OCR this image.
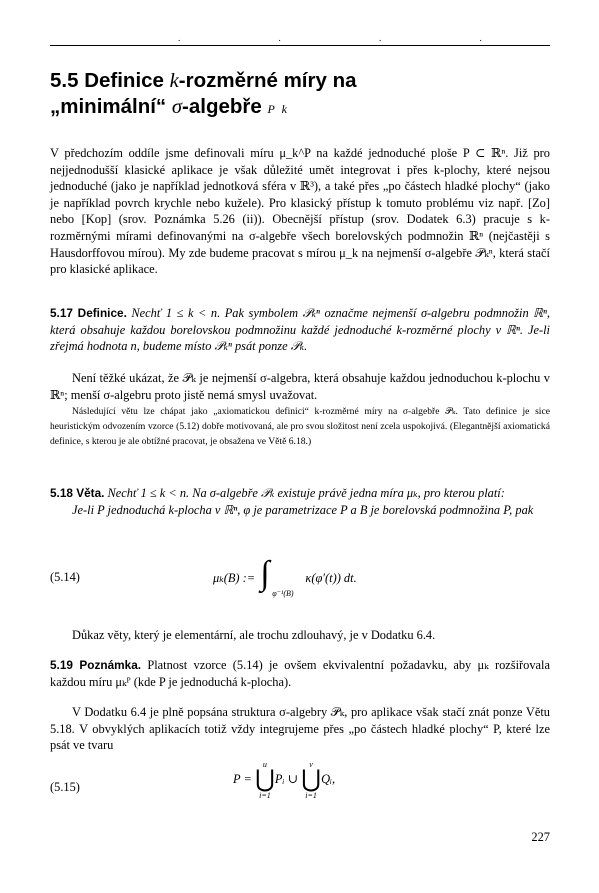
. . . .
5.5 Definice k-rozměrné míry na
„minimální“ σ-algebře P k

V předchozím oddíle jsme definovali míru μ_k^P na každé jednoduché ploše P ⊂ ℝⁿ. Již pro nejjednodušší klasické aplikace je však důležité umět integrovat i přes k-plochy, které nejsou jednoduché (jako je například jednotková sféra v ℝ³), a také přes „po částech hladké plochy“ (jako je například povrch krychle nebo kužele). Pro klasický přístup k tomuto problému viz např. [Zo] nebo [Kop] (srov. Poznámka 5.26 (ii)). Obecnější přístup (srov. Dodatek 6.3) pracuje s k-rozměrnými mírami definovanými na σ-algebře všech borelovských podmnožin ℝⁿ (nejčastěji s Hausdorffovou mírou). My zde budeme pracovat s mírou μ_k na nejmenší σ-algebře 𝒫ₖⁿ, která stačí pro klasické aplikace.

5.17 Definice. Nechť 1 ≤ k < n. Pak symbolem 𝒫ₖⁿ označme nejmenší σ-algebru podmnožin ℝⁿ, která obsahuje každou borelovskou podmnožinu každé jednoduché k-rozměrné plochy v ℝⁿ. Je-li zřejmá hodnota n, budeme místo 𝒫ₖⁿ psát ponze 𝒫ₖ.

Není těžké ukázat, že 𝒫ₖ je nejmenší σ-algebra, která obsahuje každou jednoduchou k-plochu v ℝⁿ; menší σ-algebru proto jistě nemá smysl uvažovat.

Následující větu lze chápat jako „axiomatickou definici“ k-rozměrné míry na σ-algebře 𝒫ₖ. Tato definice je sice heuristickým odvozením vzorce (5.12) dobře motivovaná, ale pro svou složitost není zcela uspokojivá. (Elegantnější axiomatická definice, s kterou je ale obtížné pracovat, je obsažena ve Větě 6.18.)

5.18 Věta. Nechť 1 ≤ k < n. Na σ-algebře 𝒫ₖ existuje právě jedna míra μₖ, pro kterou platí:

Je-li P jednoduchá k-plocha v ℝⁿ, φ je parametrizace P a B je borelovská podmnožina P, pak

(5.14)	μₖ(B) := ∫
φ⁻¹(B)
κ(φ′(t)) dt.

Důkaz věty, který je elementární, ale trochu zdlouhavý, je v Dodatku 6.4.

5.19 Poznámka. Platnost vzorce (5.14) je ovšem ekvivalentní požadavku, aby μₖ rozšiřovala každou míru μₖᴾ (kde P je jednoduchá k-plocha).

V Dodatku 6.4 je plně popsána struktura σ-algebry 𝒫ₖ, pro aplikace však stačí znát ponze Větu 5.18. V obvyklých aplikacích totiž vždy integrujeme přes „po částech hladké plochy“ P, které lze psát ve tvaru

(5.15)
P =
u
⋃
i=1
Pᵢ ∪
v
⋃
i=1
Qᵢ,
227
